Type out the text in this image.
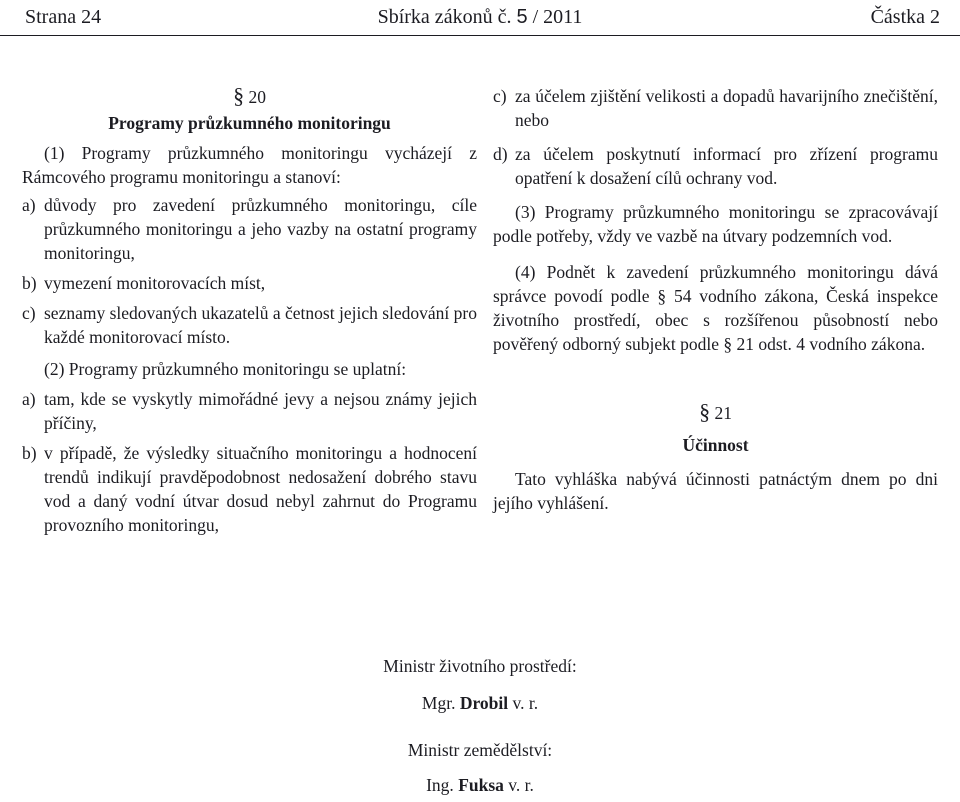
Strana 24	Sbírka zákonů č. 5 / 2011	Částka 2
§ 20
Programy průzkumného monitoringu

(1) Programy průzkumného monitoringu vycházejí z Rámcového programu monitoringu a stanoví:

a) důvody pro zavedení průzkumného monitoringu, cíle průzkumného monitoringu a jeho vazby na ostatní programy monitoringu,
b) vymezení monitorovacích míst,
c) seznamy sledovaných ukazatelů a četnost jejich sledování pro každé monitorovací místo.

(2) Programy průzkumného monitoringu se uplatní:

a) tam, kde se vyskytly mimořádné jevy a nejsou známy jejich příčiny,
b) v případě, že výsledky situačního monitoringu a hodnocení trendů indikují pravděpodobnost nedosažení dobrého stavu vod a daný vodní útvar dosud nebyl zahrnut do Programu provozního monitoringu,
c) za účelem zjištění velikosti a dopadů havarijního znečištění, nebo
d) za účelem poskytnutí informací pro zřízení programu opatření k dosažení cílů ochrany vod.

(3) Programy průzkumného monitoringu se zpracovávají podle potřeby, vždy ve vazbě na útvary podzemních vod.

(4) Podnět k zavedení průzkumného monitoringu dává správce povodí podle § 54 vodního zákona, Česká inspekce životního prostředí, obec s rozšířenou působností nebo pověřený odborný subjekt podle § 21 odst. 4 vodního zákona.

§ 21
Účinnost

Tato vyhláška nabývá účinnosti patnáctým dnem po dni jejího vyhlášení.

Ministr životního prostředí:
Mgr. Drobil v. r.
Ministr zemědělství:
Ing. Fuksa v. r.
